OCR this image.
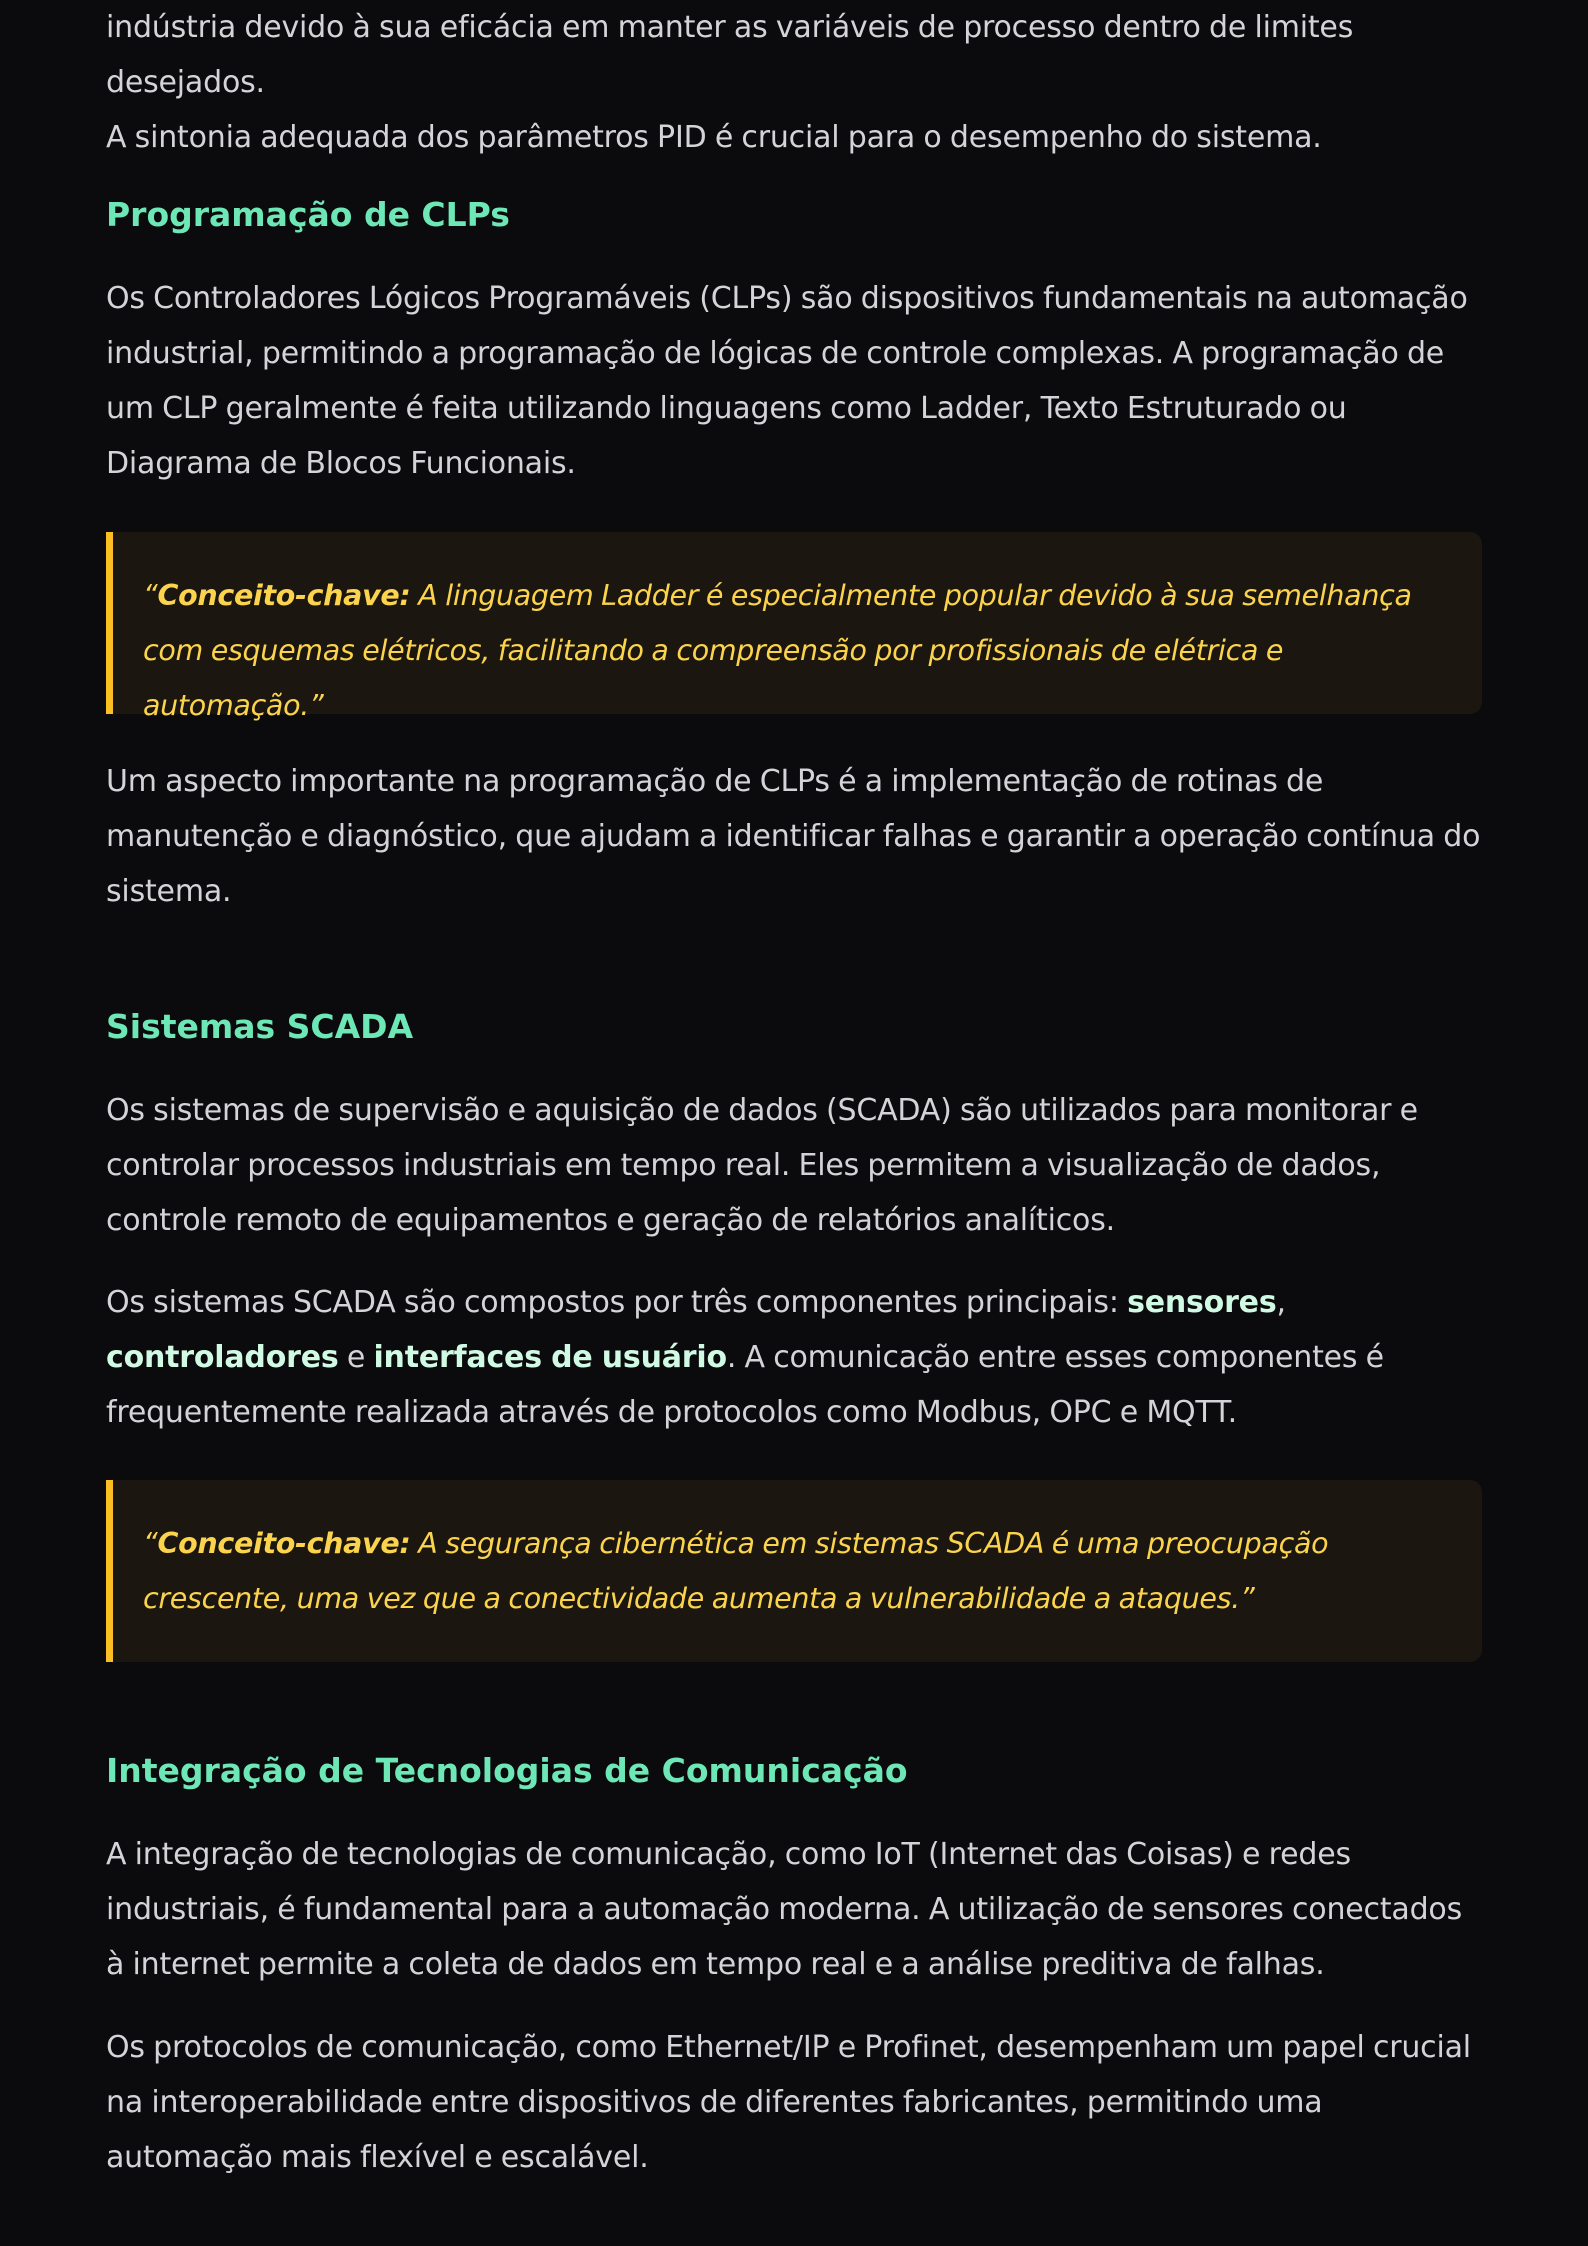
indústria devido à sua eficácia em manter as variáveis de processo dentro de limites desejados.
A sintonia adequada dos parâmetros PID é crucial para o desempenho do sistema.

Programação de CLPs

Os Controladores Lógicos Programáveis (CLPs) são dispositivos fundamentais na automação industrial, permitindo a programação de lógicas de controle complexas. A programação de um CLP geralmente é feita utilizando linguagens como Ladder, Texto Estruturado ou Diagrama de Blocos Funcionais.

“Conceito-chave: A linguagem Ladder é especialmente popular devido à sua semelhança com esquemas elétricos, facilitando a compreensão por profissionais de elétrica e automação.”

Um aspecto importante na programação de CLPs é a implementação de rotinas de manutenção e diagnóstico, que ajudam a identificar falhas e garantir a operação contínua do sistema.

Sistemas SCADA

Os sistemas de supervisão e aquisição de dados (SCADA) são utilizados para monitorar e controlar processos industriais em tempo real. Eles permitem a visualização de dados, controle remoto de equipamentos e geração de relatórios analíticos.

Os sistemas SCADA são compostos por três componentes principais: sensores, controladores e interfaces de usuário. A comunicação entre esses componentes é frequentemente realizada através de protocolos como Modbus, OPC e MQTT.

“Conceito-chave: A segurança cibernética em sistemas SCADA é uma preocupação crescente, uma vez que a conectividade aumenta a vulnerabilidade a ataques.”
Integração de Tecnologias de Comunicação

A integração de tecnologias de comunicação, como IoT (Internet das Coisas) e redes industriais, é fundamental para a automação moderna. A utilização de sensores conectados à internet permite a coleta de dados em tempo real e a análise preditiva de falhas.

Os protocolos de comunicação, como Ethernet/IP e Profinet, desempenham um papel crucial na interoperabilidade entre dispositivos de diferentes fabricantes, permitindo uma automação mais flexível e escalável.
